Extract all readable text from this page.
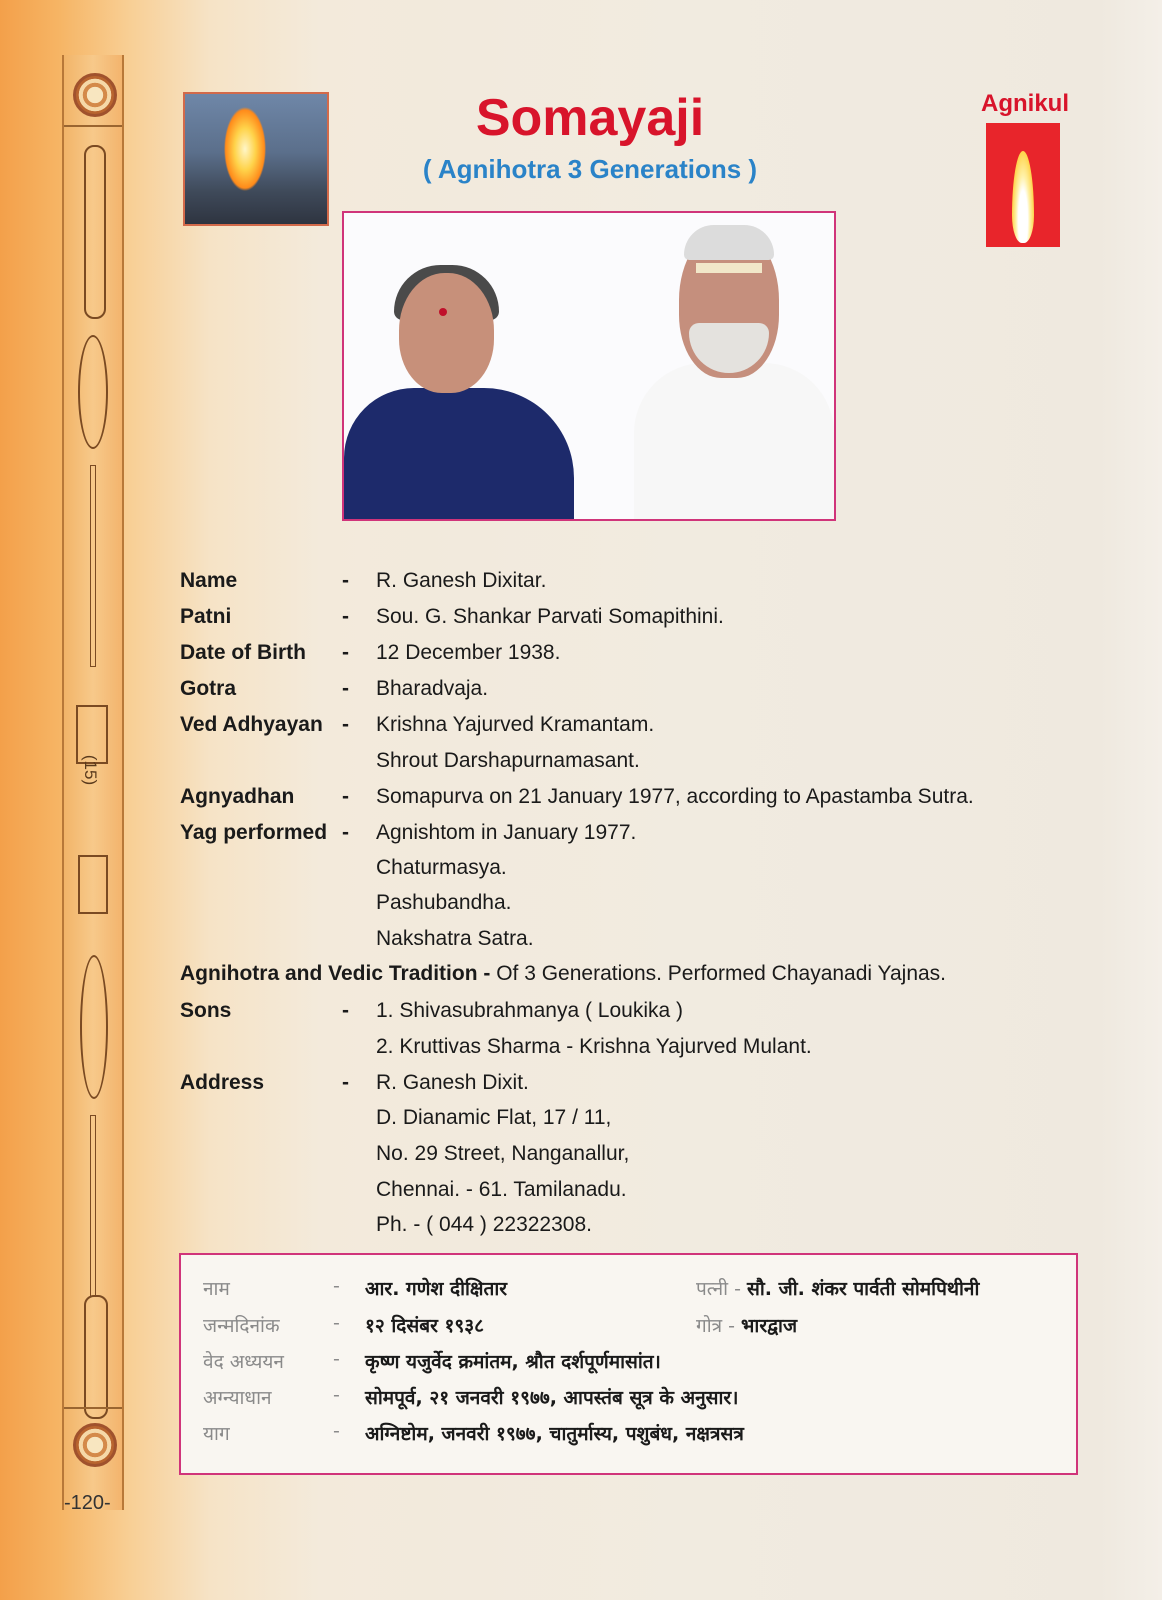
(15)
-120-
Somayaji
( Agnihotra 3 Generations )
Agnikul
Name	- R. Ganesh Dixitar.
Patni	- Sou. G. Shankar Parvati Somapithini.
Date of Birth - 12 December 1938.
Gotra	- Bharadvaja.
Ved Adhyayan - Krishna Yajurved Kramantam.
Shrout Darshapurnamasant.
Agnyadhan - Somapurva on 21 January 1977, according to Apastamba Sutra.
Yag performed - Agnishtom in January 1977.
Chaturmasya.
Pashubandha.
Nakshatra Satra.
Agnihotra and Vedic Tradition - Of 3 Generations. Performed Chayanadi Yajnas.
Sons	- 1. Shivasubrahmanya ( Loukika )
2. Kruttivas Sharma - Krishna Yajurved Mulant.
Address	- R. Ganesh Dixit.
D. Dianamic Flat, 17 / 11,
No. 29 Street, Nanganallur,
Chennai. - 61. Tamilanadu.
Ph. - ( 044 ) 22322308.
नाम	- आर. गणेश दीक्षितार	पत्नी - सौ. जी. शंकर पार्वती सोमपिथीनी
जन्मदिनांक	- १२ दिसंबर १९३८	गोत्र - भारद्वाज
वेद अध्ययन	- कृष्ण यजुर्वेद क्रमांतम, श्रौत दर्शपूर्णमासांत।
अग्न्याधान	- सोमपूर्व, २१ जनवरी १९७७, आपस्तंब सूत्र के अनुसार।
याग	- अग्निष्टोम, जनवरी १९७७, चातुर्मास्य, पशुबंध, नक्षत्रसत्र
